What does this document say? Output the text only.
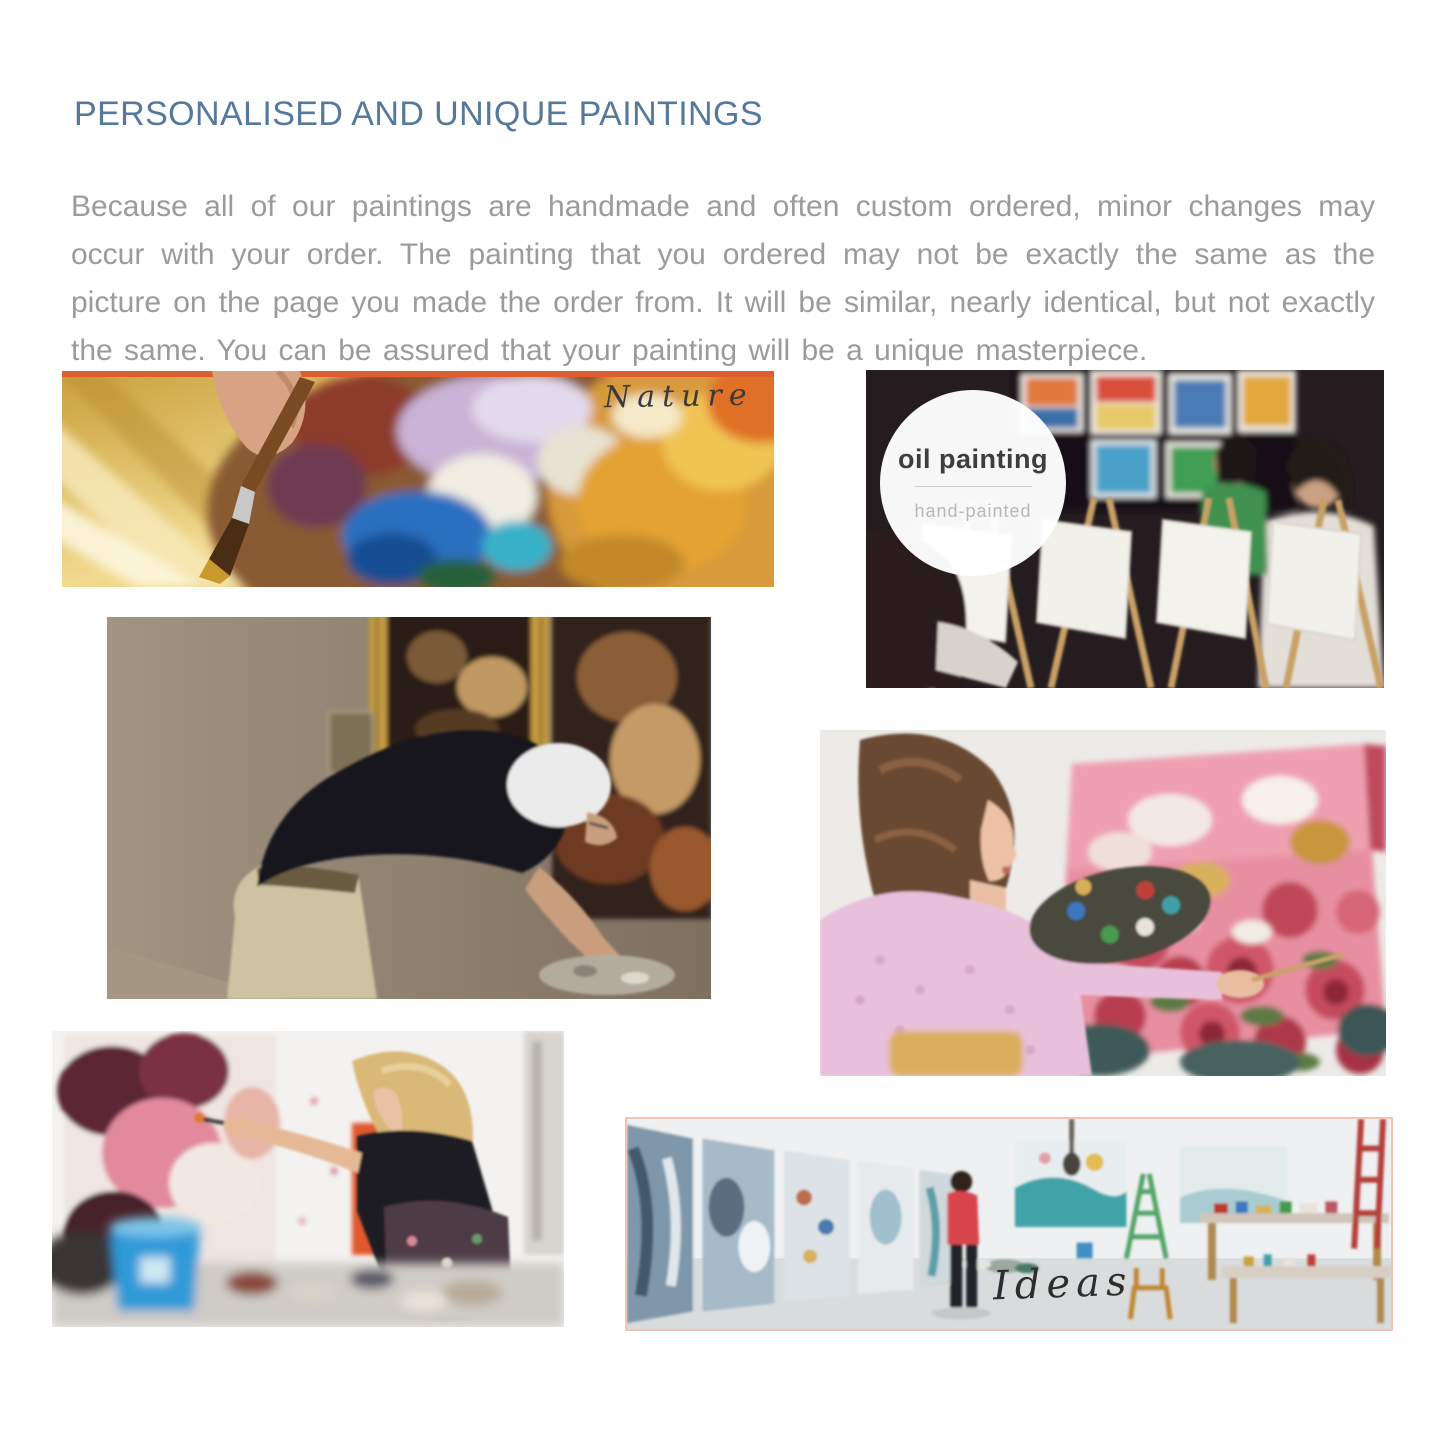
PERSONALISED AND UNIQUE PAINTINGS

Because all of our paintings are handmade and often custom ordered, minor changes may occur with your order. The painting that you ordered may not be exactly the same as the picture on the page you made the order from. It will be similar, nearly identical, but not exactly the same. You can be assured that your painting will be a unique masterpiece.

Nature
oil painting
hand-painted
Ideas
